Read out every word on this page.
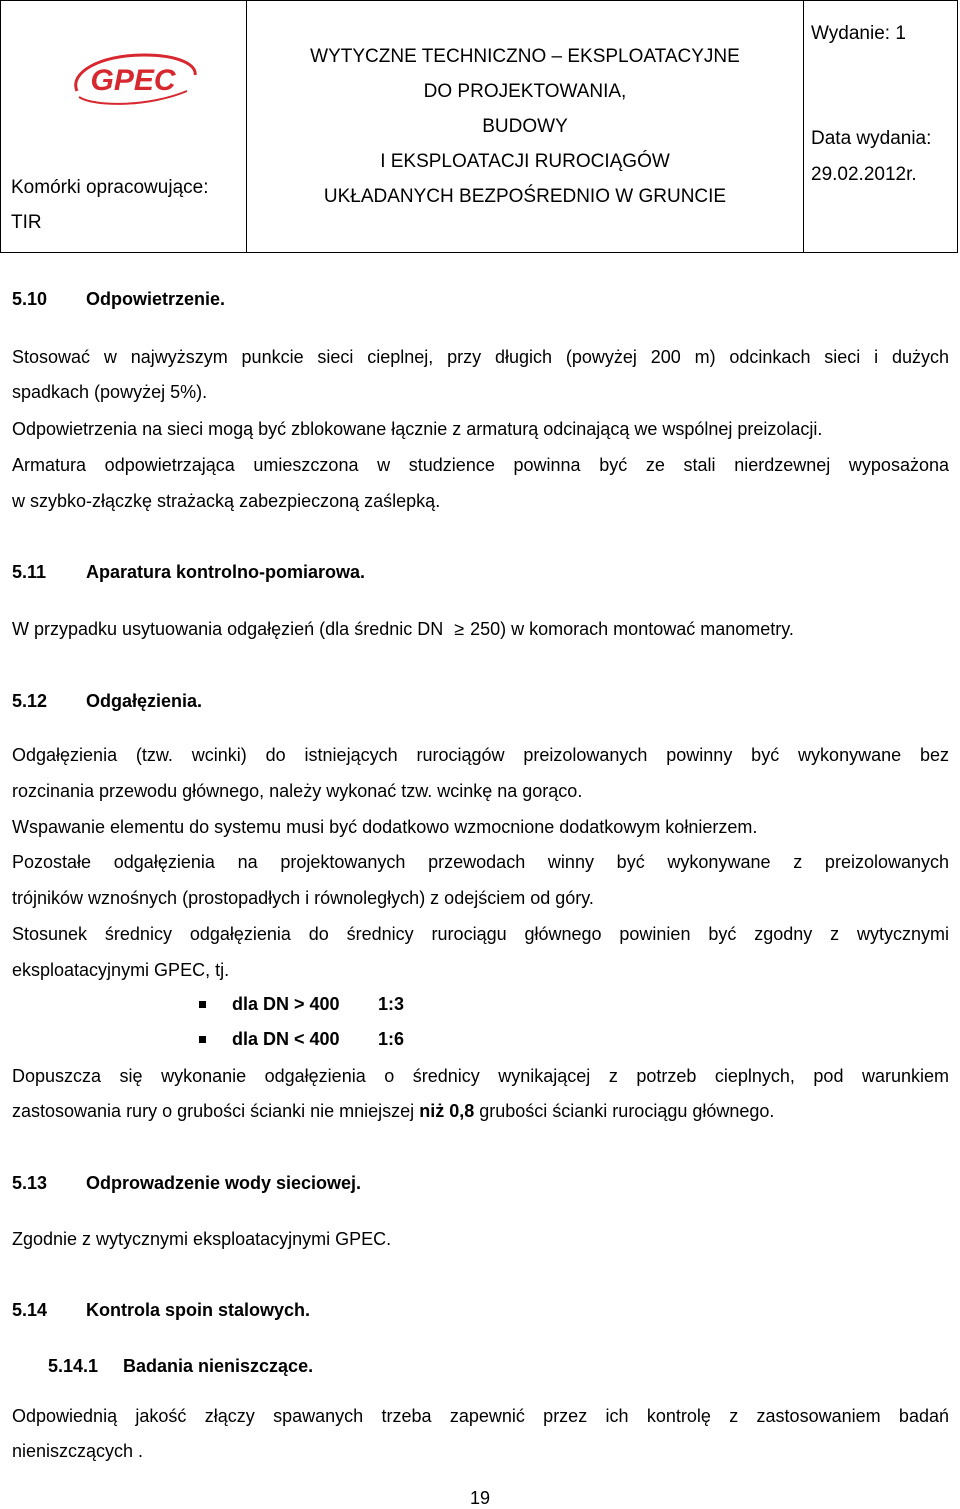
GPEC
Komórki opracowujące:
TIR
WYTYCZNE TECHNICZNO – EKSPLOATACYJNE
DO PROJEKTOWANIA,
BUDOWY
I EKSPLOATACJI RUROCIĄGÓW
UKŁADANYCH BEZPOŚREDNIO W GRUNCIE
Wydanie: 1
Data wydania:
29.02.2012r.
5.10 Odpowietrzenie.
Stosować w najwyższym punkcie sieci cieplnej, przy długich (powyżej 200 m) odcinkach sieci i dużych
spadkach (powyżej 5%).
Odpowietrzenia na sieci mogą być zblokowane łącznie z armaturą odcinającą we wspólnej preizolacji.
Armatura odpowietrzająca umieszczona w studzience powinna być ze stali nierdzewnej wyposażona
w szybko-złączkę strażacką zabezpieczoną zaślepką.
5.11 Aparatura kontrolno-pomiarowa.
W przypadku usytuowania odgałęzień (dla średnic DN ≥ 250) w komorach montować manometry.
5.12 Odgałęzienia.
Odgałęzienia (tzw. wcinki) do istniejących rurociągów preizolowanych powinny być wykonywane bez
rozcinania przewodu głównego, należy wykonać tzw. wcinkę na gorąco.
Wspawanie elementu do systemu musi być dodatkowo wzmocnione dodatkowym kołnierzem.
Pozostałe odgałęzienia na projektowanych przewodach winny być wykonywane z preizolowanych
trójników wznośnych (prostopadłych i równoległych) z odejściem od góry.
Stosunek średnicy odgałęzienia do średnicy rurociągu głównego powinien być zgodny z wytycznymi
eksploatacyjnymi GPEC, tj.
dla DN > 400 1:3
dla DN < 400 1:6
Dopuszcza się wykonanie odgałęzienia o średnicy wynikającej z potrzeb cieplnych, pod warunkiem
zastosowania rury o grubości ścianki nie mniejszej niż 0,8 grubości ścianki rurociągu głównego.
5.13 Odprowadzenie wody sieciowej.
Zgodnie z wytycznymi eksploatacyjnymi GPEC.
5.14 Kontrola spoin stalowych.
5.14.1 Badania nieniszczące.
Odpowiednią jakość złączy spawanych trzeba zapewnić przez ich kontrolę z zastosowaniem badań
nieniszczących .
19
